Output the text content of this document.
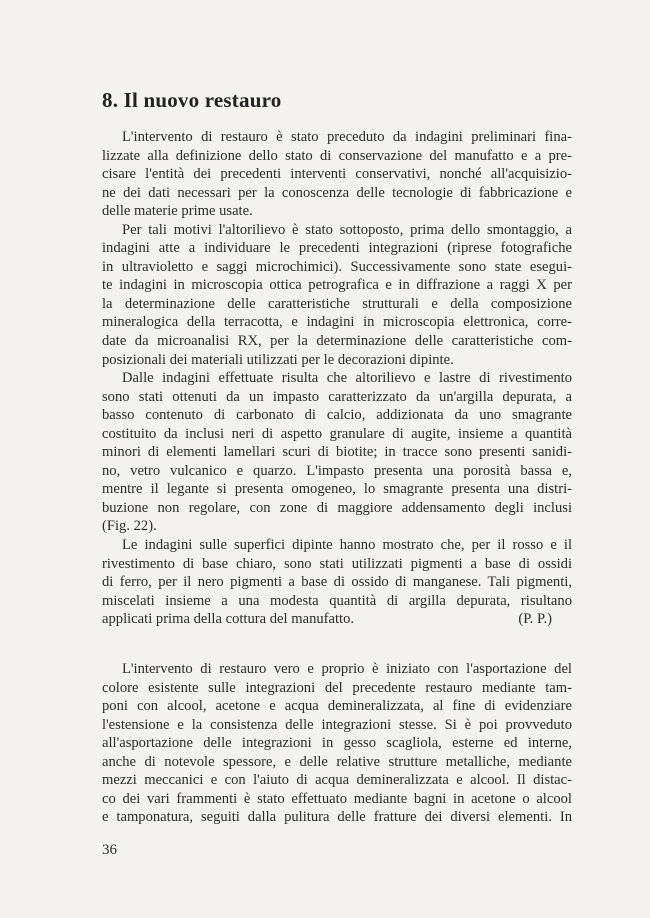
8. Il nuovo restauro
L'intervento di restauro è stato preceduto da indagini preliminari fina-
lizzate alla definizione dello stato di conservazione del manufatto e a pre-
cisare l'entità dei precedenti interventi conservativi, nonché all'acquisizio-
ne dei dati necessari per la conoscenza delle tecnologie di fabbricazione e
delle materie prime usate.
Per tali motivi l'altorilievo è stato sottoposto, prima dello smontaggio, a
indagini atte a individuare le precedenti integrazioni (riprese fotografiche
in ultravioletto e saggi microchimici). Successivamente sono state esegui-
te indagini in microscopia ottica petrografica e in diffrazione a raggi X per
la determinazione delle caratteristiche strutturali e della composizione
mineralogica della terracotta, e indagini in microscopia elettronica, corre-
date da microanalisi RX, per la determinazione delle caratteristiche com-
posizionali dei materiali utilizzati per le decorazioni dipinte.
Dalle indagini effettuate risulta che altorilievo e lastre di rivestimento
sono stati ottenuti da un impasto caratterizzato da un'argilla depurata, a
basso contenuto di carbonato di calcio, addizionata da uno smagrante
costituito da inclusi neri di aspetto granulare di augite, insieme a quantità
minori di elementi lamellari scuri di biotite; in tracce sono presenti sanidi-
no, vetro vulcanico e quarzo. L'impasto presenta una porosità bassa e,
mentre il legante si presenta omogeneo, lo smagrante presenta una distri-
buzione non regolare, con zone di maggiore addensamento degli inclusi
(Fig. 22).
Le indagini sulle superfici dipinte hanno mostrato che, per il rosso e il
rivestimento di base chiaro, sono stati utilizzati pigmenti a base di ossidi
di ferro, per il nero pigmenti a base di ossido di manganese. Tali pigmenti,
miscelati insieme a una modesta quantità di argilla depurata, risultano
applicati prima della cottura del manufatto.	(P. P.)

L'intervento di restauro vero e proprio è iniziato con l'asportazione del
colore esistente sulle integrazioni del precedente restauro mediante tam-
poni con alcool, acetone e acqua demineralizzata, al fine di evidenziare
l'estensione e la consistenza delle integrazioni stesse. Si è poi provveduto
all'asportazione delle integrazioni in gesso scagliola, esterne ed interne,
anche di notevole spessore, e delle relative strutture metalliche, mediante
mezzi meccanici e con l'aiuto di acqua demineralizzata e alcool. Il distac-
co dei vari frammenti è stato effettuato mediante bagni in acetone o alcool
e tamponatura, seguiti dalla pulitura delle fratture dei diversi elementi. In

36
